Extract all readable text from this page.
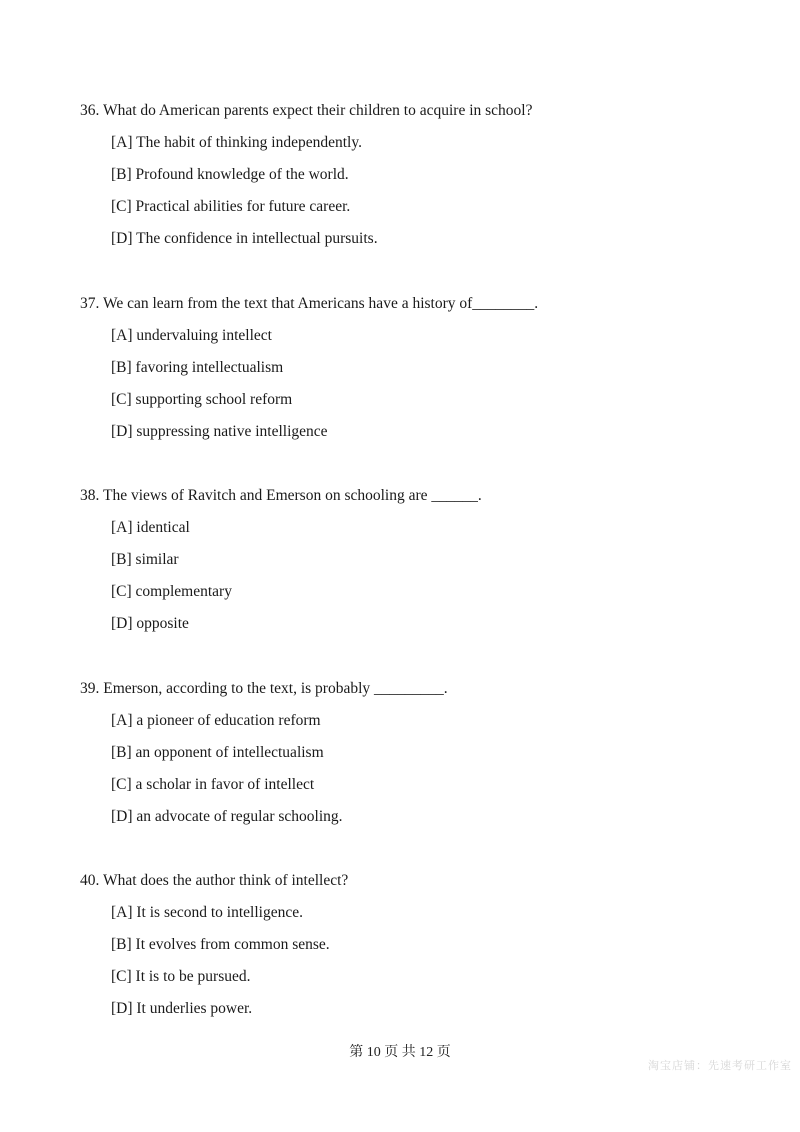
36. What do American parents expect their children to acquire in school?

[A] The habit of thinking independently.

[B] Profound knowledge of the world.

[C] Practical abilities for future career.

[D] The confidence in intellectual pursuits.

37. We can learn from the text that Americans have a history of________.

[A] undervaluing intellect

[B] favoring intellectualism

[C] supporting school reform

[D] suppressing native intelligence

38. The views of Ravitch and Emerson on schooling are ______.

[A] identical

[B] similar

[C] complementary

[D] opposite

39. Emerson, according to the text, is probably _________.

[A] a pioneer of education reform

[B] an opponent of intellectualism

[C] a scholar in favor of intellect

[D] an advocate of regular schooling.

40. What does the author think of intellect?

[A] It is second to intelligence.

[B] It evolves from common sense.

[C] It is to be pursued.

[D] It underlies power.

第 10 页 共 12 页
淘宝店铺：先速考研工作室
